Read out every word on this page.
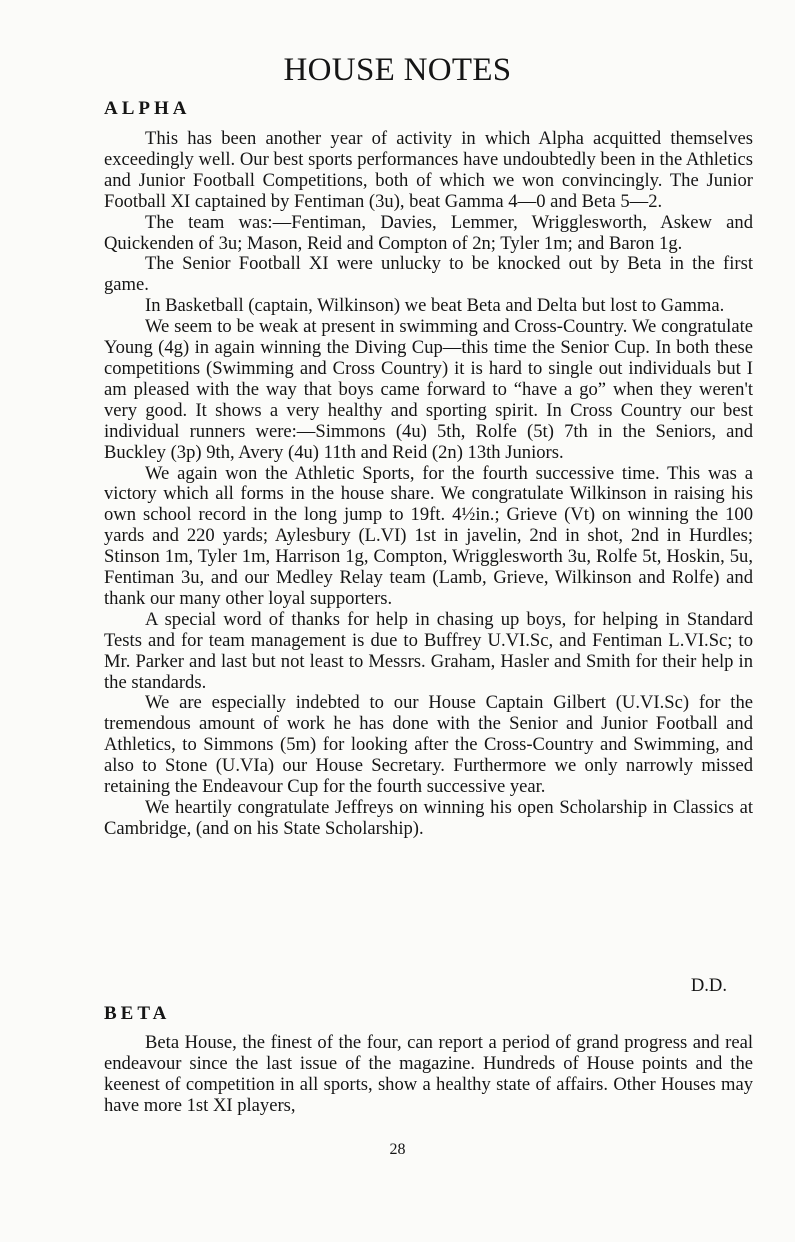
HOUSE NOTES
ALPHA

This has been another year of activity in which Alpha acquitted themselves exceedingly well. Our best sports performances have undoubtedly been in the Athletics and Junior Football Competitions, both of which we won convincingly. The Junior Football XI captained by Fentiman (3u), beat Gamma 4—0 and Beta 5—2.

The team was:—Fentiman, Davies, Lemmer, Wrigglesworth, Askew and Quickenden of 3u; Mason, Reid and Compton of 2n; Tyler 1m; and Baron 1g.

The Senior Football XI were unlucky to be knocked out by Beta in the first game.

In Basketball (captain, Wilkinson) we beat Beta and Delta but lost to Gamma.

We seem to be weak at present in swimming and Cross-Country. We congratulate Young (4g) in again winning the Diving Cup—this time the Senior Cup. In both these competitions (Swimming and Cross Country) it is hard to single out individuals but I am pleased with the way that boys came forward to “have a go” when they weren't very good. It shows a very healthy and sporting spirit. In Cross Country our best individual runners were:—Simmons (4u) 5th, Rolfe (5t) 7th in the Seniors, and Buckley (3p) 9th, Avery (4u) 11th and Reid (2n) 13th Juniors.

We again won the Athletic Sports, for the fourth successive time. This was a victory which all forms in the house share. We congratulate Wilkinson in raising his own school record in the long jump to 19ft. 4½in.; Grieve (Vt) on winning the 100 yards and 220 yards; Aylesbury (L.VI) 1st in javelin, 2nd in shot, 2nd in Hurdles; Stinson 1m, Tyler 1m, Harrison 1g, Compton, Wrigglesworth 3u, Rolfe 5t, Hoskin, 5u, Fentiman 3u, and our Medley Relay team (Lamb, Grieve, Wilkinson and Rolfe) and thank our many other loyal supporters.

A special word of thanks for help in chasing up boys, for helping in Standard Tests and for team management is due to Buffrey U.VI.Sc, and Fentiman L.VI.Sc; to Mr. Parker and last but not least to Messrs. Graham, Hasler and Smith for their help in the standards.

We are especially indebted to our House Captain Gilbert (U.VI.Sc) for the tremendous amount of work he has done with the Senior and Junior Football and Athletics, to Simmons (5m) for looking after the Cross-Country and Swimming, and also to Stone (U.VIa) our House Secretary. Furthermore we only narrowly missed retaining the Endeavour Cup for the fourth successive year.

We heartily congratulate Jeffreys on winning his open Scholarship in Classics at Cambridge, (and on his State Scholarship).

D.D.

BETA

Beta House, the finest of the four, can report a period of grand progress and real endeavour since the last issue of the magazine. Hundreds of House points and the keenest of competition in all sports, show a healthy state of affairs. Other Houses may have more 1st XI players,

28
